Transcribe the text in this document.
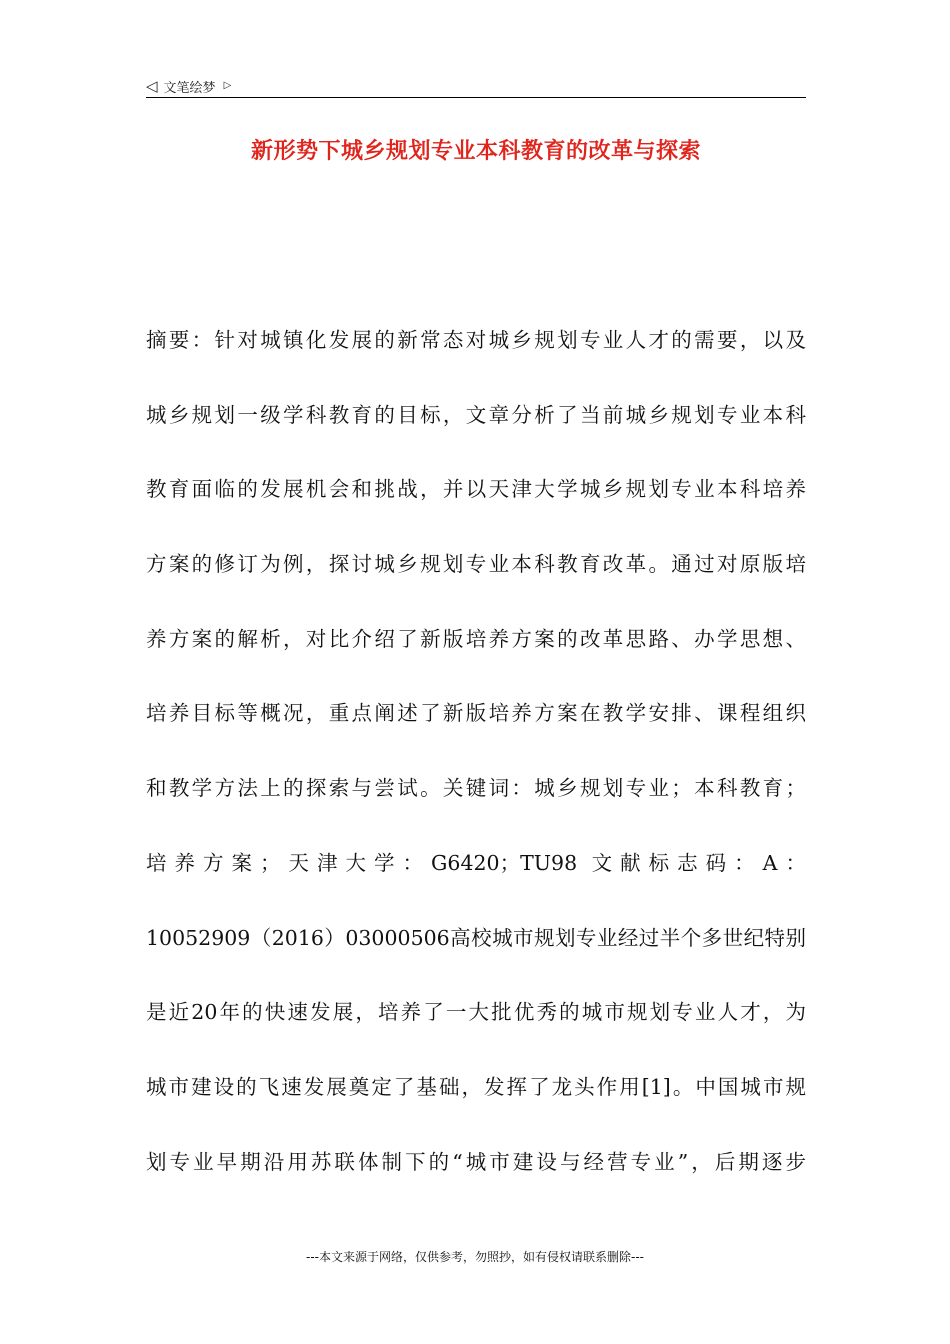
◁ 文笔绘梦 ▷
新形势下城乡规划专业本科教育的改革与探索
摘要：针对城镇化发展的新常态对城乡规划专业人才的需要，以及
城乡规划一级学科教育的目标，文章分析了当前城乡规划专业本科
教育面临的发展机会和挑战，并以天津大学城乡规划专业本科培养
方案的修订为例，探讨城乡规划专业本科教育改革。通过对原版培
养方案的解析，对比介绍了新版培养方案的改革思路、办学思想、
培养目标等概况，重点阐述了新版培养方案在教学安排、课程组织
和教学方法上的探索与尝试。关键词：城乡规划专业；本科教育；
培养方案；天津大学：G6420；TU98 文献标志码：A：
10052909（2016）03000506高校城市规划专业经过半个多世纪特别
是近20年的快速发展，培养了一大批优秀的城市规划专业人才，为
城市建设的飞速发展奠定了基础，发挥了龙头作用[1]。中国城市规
划专业早期沿用苏联体制下的“城市建设与经营专业”，后期逐步
---本文来源于网络，仅供参考，勿照抄，如有侵权请联系删除---
